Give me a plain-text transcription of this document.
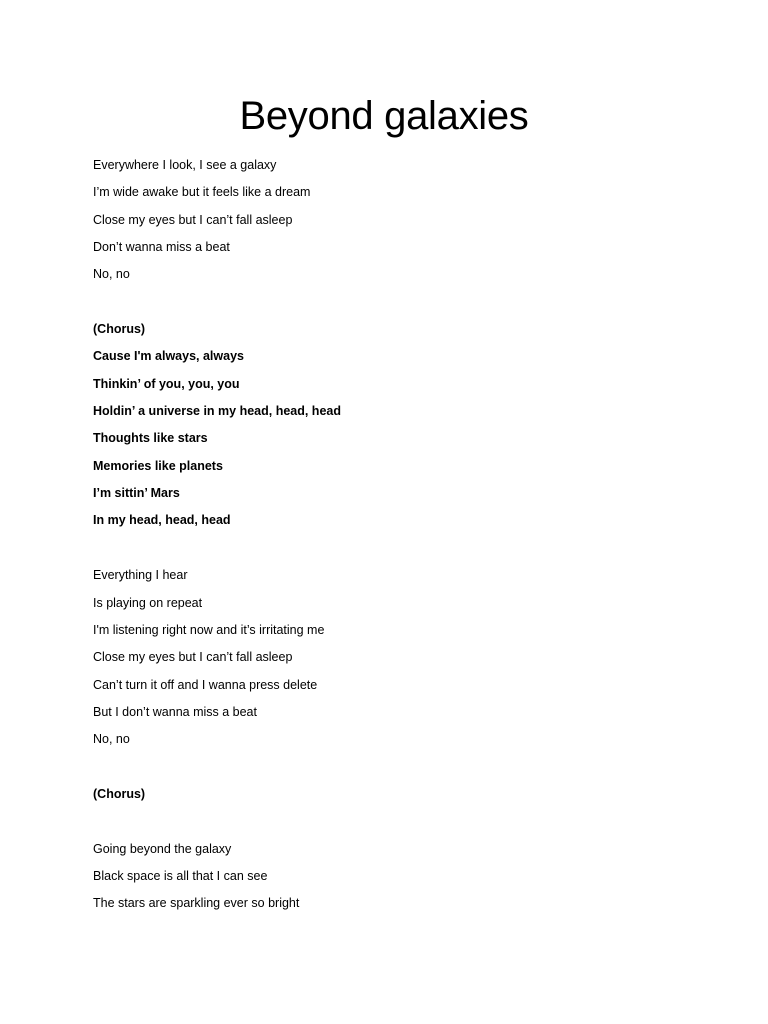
Beyond galaxies
Everywhere I look, I see a galaxy
I’m wide awake but it feels like a dream
Close my eyes but I can’t fall asleep
Don’t wanna miss a beat
No, no
(Chorus)
Cause I'm always, always
Thinkin’ of you, you, you
Holdin’ a universe in my head, head, head
Thoughts like stars
Memories like planets
I’m sittin’ Mars
In my head, head, head
Everything I hear
Is playing on repeat
I'm listening right now and it’s irritating me
Close my eyes but I can’t fall asleep
Can’t turn it off and I wanna press delete
But I don’t wanna miss a beat
No, no
(Chorus)
Going beyond the galaxy
Black space is all that I can see
The stars are sparkling ever so bright
